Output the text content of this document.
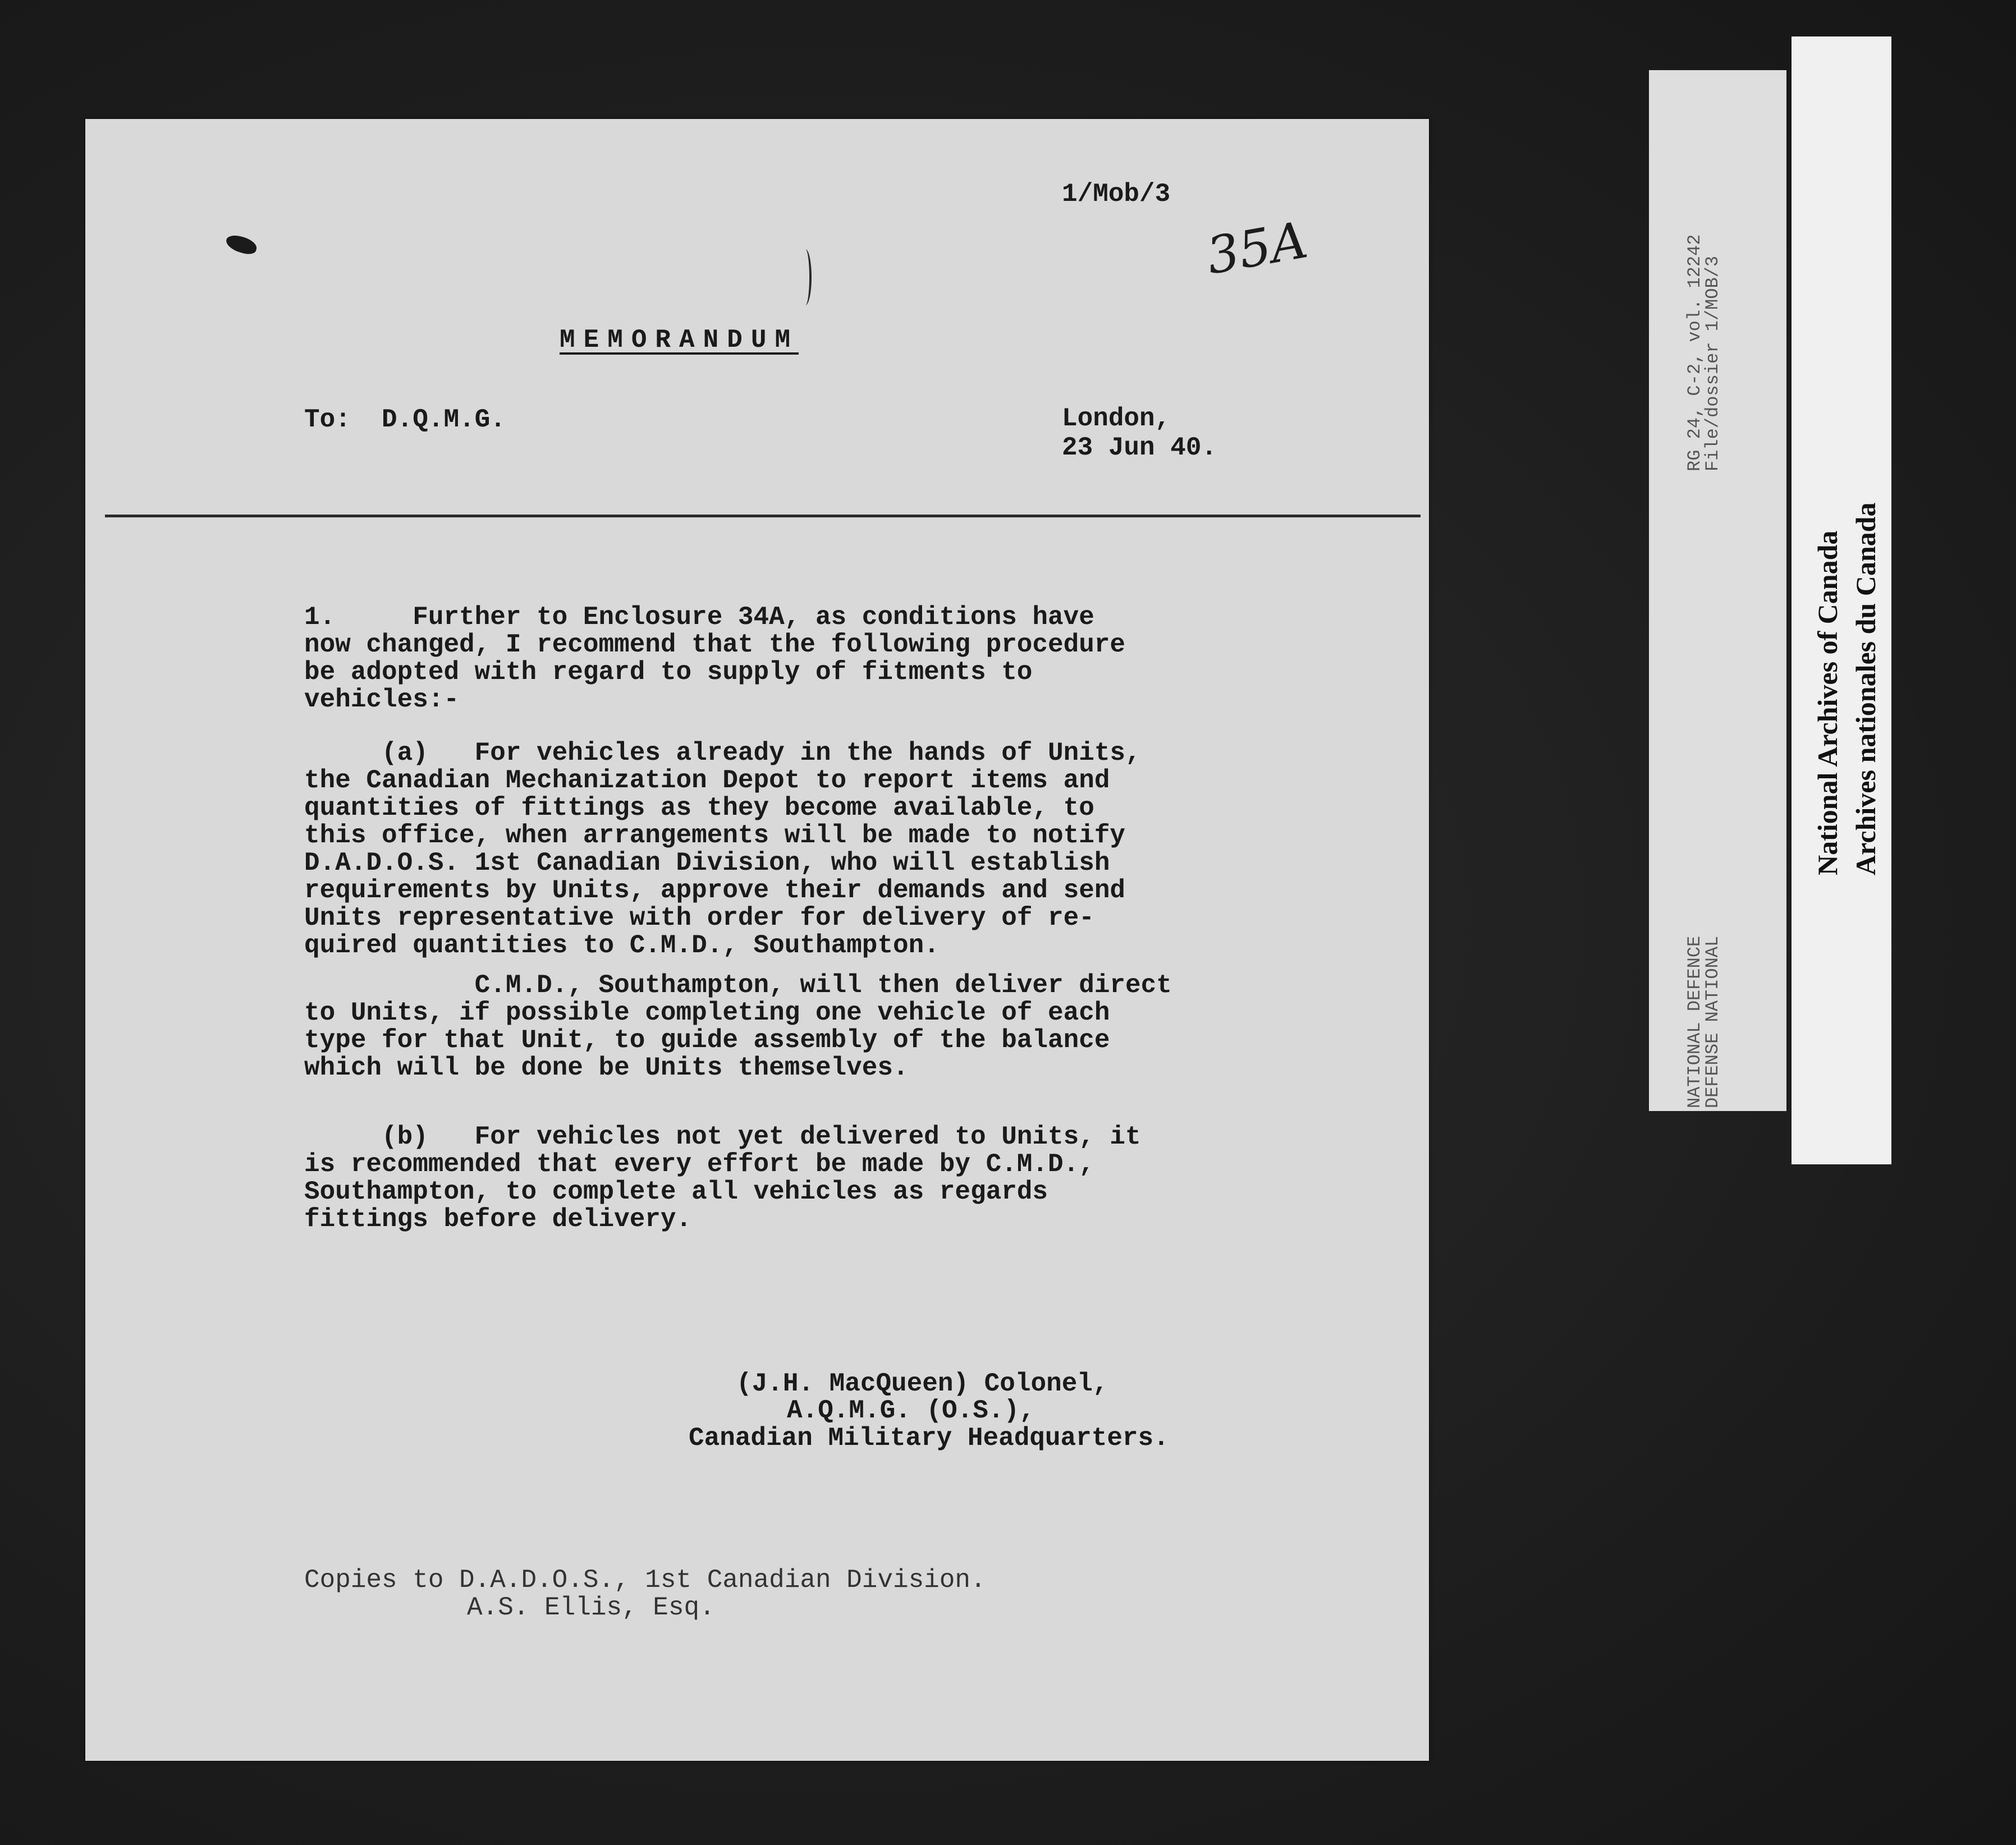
1/Mob/3
35A
MEMORANDUM
To:  D.Q.M.G.	London,
23 Jun 40.
1.     Further to Enclosure 34A, as conditions have
now changed, I recommend that the following procedure
be adopted with regard to supply of fitments to
vehicles:-
(a)   For vehicles already in the hands of Units,
the Canadian Mechanization Depot to report items and
quantities of fittings as they become available, to
this office, when arrangements will be made to notify
D.A.D.O.S. 1st Canadian Division, who will establish
requirements by Units, approve their demands and send
Units representative with order for delivery of re-
quired quantities to C.M.D., Southampton.
C.M.D., Southampton, will then deliver direct
to Units, if possible completing one vehicle of each
type for that Unit, to guide assembly of the balance
which will be done be Units themselves.
(b)   For vehicles not yet delivered to Units, it
is recommended that every effort be made by C.M.D.,
Southampton, to complete all vehicles as regards
fittings before delivery.
(J.H. MacQueen) Colonel,
A.Q.M.G. (O.S.),
Canadian Military Headquarters.
Copies to D.A.D.O.S., 1st Canadian Division.
A.S. Ellis, Esq.
RG 24, C-2, vol. 12242
File/dossier 1/MOB/3
NATIONAL DEFENCE
DEFENSE NATIONAL
National Archives of Canada
Archives nationales du Canada
